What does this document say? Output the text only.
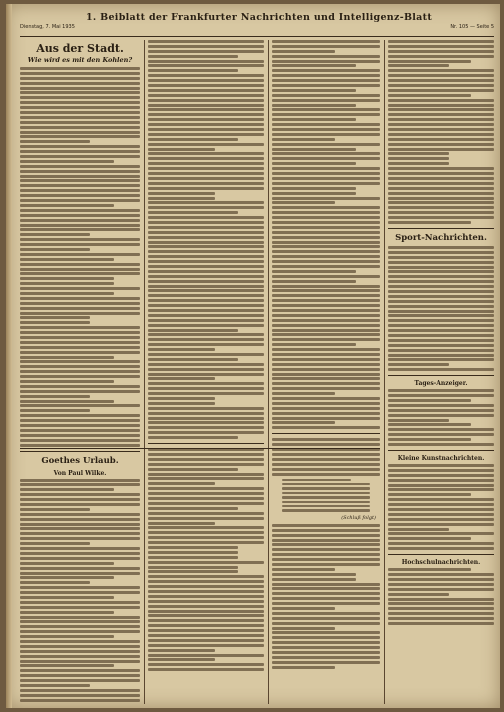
Dienstag, 7. Mai 1935
1. Beiblatt der Frankfurter Nachrichten und Intelligenz-Blatt
Nr. 105 — Seite 5
Aus der Stadt.
Wie wird es mit den Kohlen?
Goethes Urlaub.
Von Paul Wilke.
(Schluß folgt)
Sport-Nachrichten.
Tages-Anzeiger.
Kleine Kunstnachrichten.
Hochschulnachrichten.
